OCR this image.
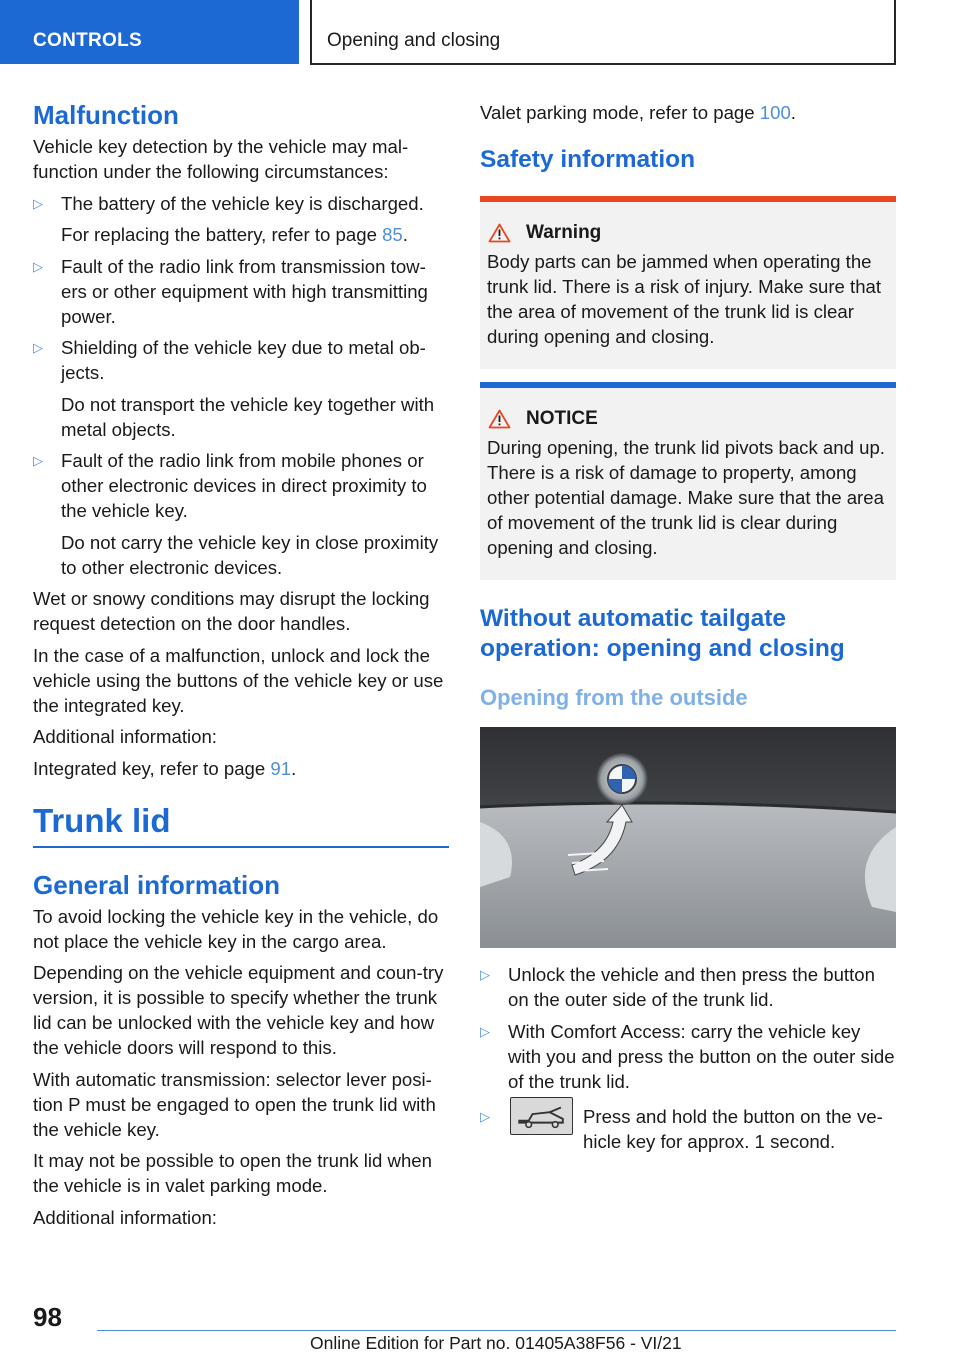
CONTROLS	Opening and closing
Malfunction

Vehicle key detection by the vehicle may mal-function under the following circumstances:

▷ The battery of the vehicle key is discharged.

For replacing the battery, refer to page 85.

▷ Fault of the radio link from transmission tow-ers or other equipment with high transmitting power.

▷ Shielding of the vehicle key due to metal ob-jects.

Do not transport the vehicle key together with metal objects.

▷ Fault of the radio link from mobile phones or other electronic devices in direct proximity to the vehicle key.

Do not carry the vehicle key in close proximity to other electronic devices.

Wet or snowy conditions may disrupt the locking request detection on the door handles.

In the case of a malfunction, unlock and lock the vehicle using the buttons of the vehicle key or use the integrated key.

Additional information:

Integrated key, refer to page 91.

Trunk lid
General information

To avoid locking the vehicle key in the vehicle, do not place the vehicle key in the cargo area.

Depending on the vehicle equipment and coun-try version, it is possible to specify whether the trunk lid can be unlocked with the vehicle key and how the vehicle doors will respond to this.

With automatic transmission: selector lever posi-tion P must be engaged to open the trunk lid with the vehicle key.

It may not be possible to open the trunk lid when the vehicle is in valet parking mode.

Additional information:

Valet parking mode, refer to page 100.

Safety information
Warning

Body parts can be jammed when operating the trunk lid. There is a risk of injury. Make sure that the area of movement of the trunk lid is clear during opening and closing.

NOTICE

During opening, the trunk lid pivots back and up. There is a risk of damage to property, among other potential damage. Make sure that the area of movement of the trunk lid is clear during opening and closing.

Without automatic tailgate operation: opening and closing
Opening from the outside
▷ Unlock the vehicle and then press the button on the outer side of the trunk lid.

▷ With Comfort Access: carry the vehicle key with you and press the button on the outer side of the trunk lid.

▷	Press and hold the button on the ve-hicle key for approx. 1 second.

98
Online Edition for Part no. 01405A38F56 - VI/21
